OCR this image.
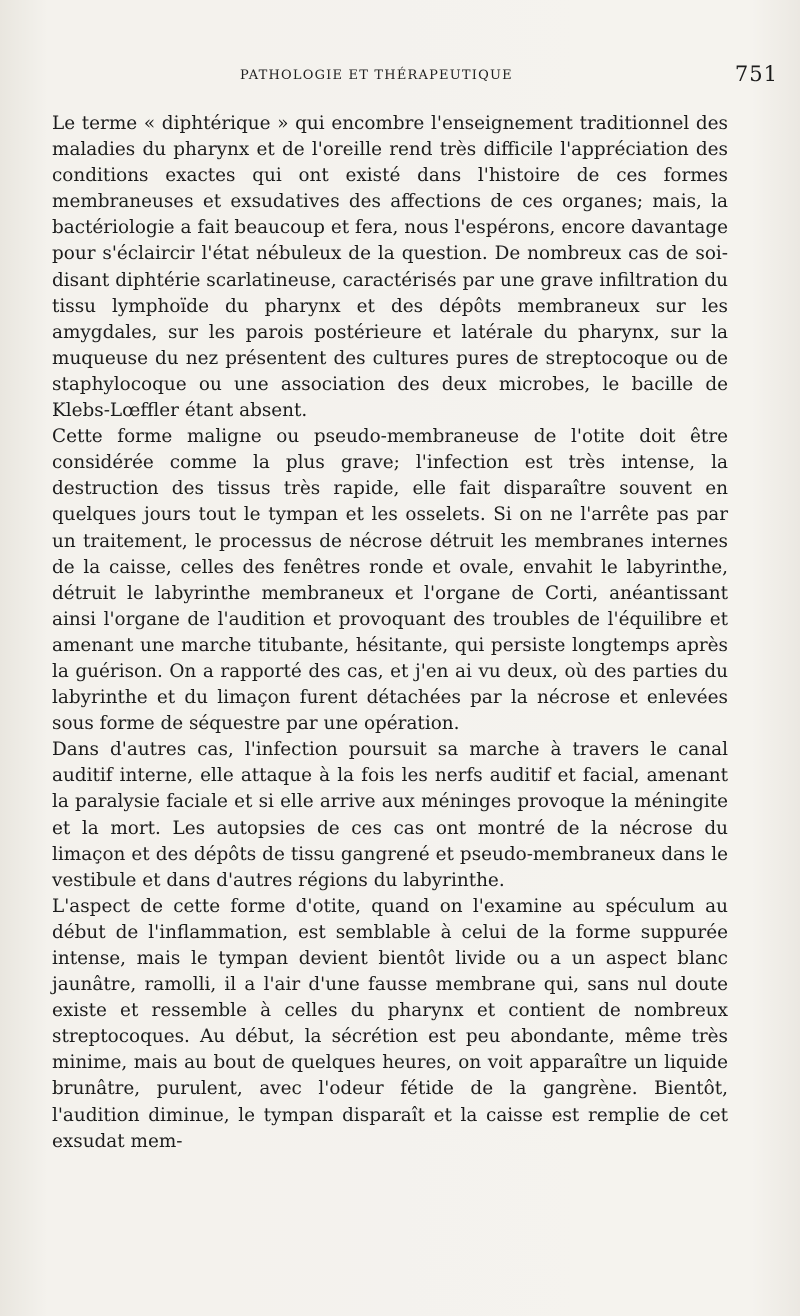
PATHOLOGIE ET THÉRAPEUTIQUE	751

Le terme « diphtérique » qui encombre l'enseignement traditionnel des maladies du pharynx et de l'oreille rend très difficile l'appréciation des conditions exactes qui ont existé dans l'histoire de ces formes membraneuses et exsudatives des affections de ces organes; mais, la bactériologie a fait beaucoup et fera, nous l'espérons, encore davantage pour s'éclaircir l'état nébuleux de la question. De nombreux cas de soi-disant diphtérie scarlatineuse, caractérisés par une grave infiltration du tissu lymphoïde du pharynx et des dépôts membraneux sur les amygdales, sur les parois postérieure et latérale du pharynx, sur la muqueuse du nez présentent des cultures pures de streptocoque ou de staphylocoque ou une association des deux microbes, le bacille de Klebs-Lœffler étant absent.

Cette forme maligne ou pseudo-membraneuse de l'otite doit être considérée comme la plus grave; l'infection est très intense, la destruction des tissus très rapide, elle fait disparaître souvent en quelques jours tout le tympan et les osselets. Si on ne l'arrête pas par un traitement, le processus de nécrose détruit les membranes internes de la caisse, celles des fenêtres ronde et ovale, envahit le labyrinthe, détruit le labyrinthe membraneux et l'organe de Corti, anéantissant ainsi l'organe de l'audition et provoquant des troubles de l'équilibre et amenant une marche titubante, hésitante, qui persiste longtemps après la guérison. On a rapporté des cas, et j'en ai vu deux, où des parties du labyrinthe et du limaçon furent détachées par la nécrose et enlevées sous forme de séquestre par une opération.

Dans d'autres cas, l'infection poursuit sa marche à travers le canal auditif interne, elle attaque à la fois les nerfs auditif et facial, amenant la paralysie faciale et si elle arrive aux méninges provoque la méningite et la mort. Les autopsies de ces cas ont montré de la nécrose du limaçon et des dépôts de tissu gangrené et pseudo-membraneux dans le vestibule et dans d'autres régions du labyrinthe.

L'aspect de cette forme d'otite, quand on l'examine au spéculum au début de l'inflammation, est semblable à celui de la forme suppurée intense, mais le tympan devient bientôt livide ou a un aspect blanc jaunâtre, ramolli, il a l'air d'une fausse membrane qui, sans nul doute existe et ressemble à celles du pharynx et contient de nombreux streptocoques. Au début, la sécrétion est peu abondante, même très minime, mais au bout de quelques heures, on voit apparaître un liquide brunâtre, purulent, avec l'odeur fétide de la gangrène. Bientôt, l'audition diminue, le tympan disparaît et la caisse est remplie de cet exsudat mem-
